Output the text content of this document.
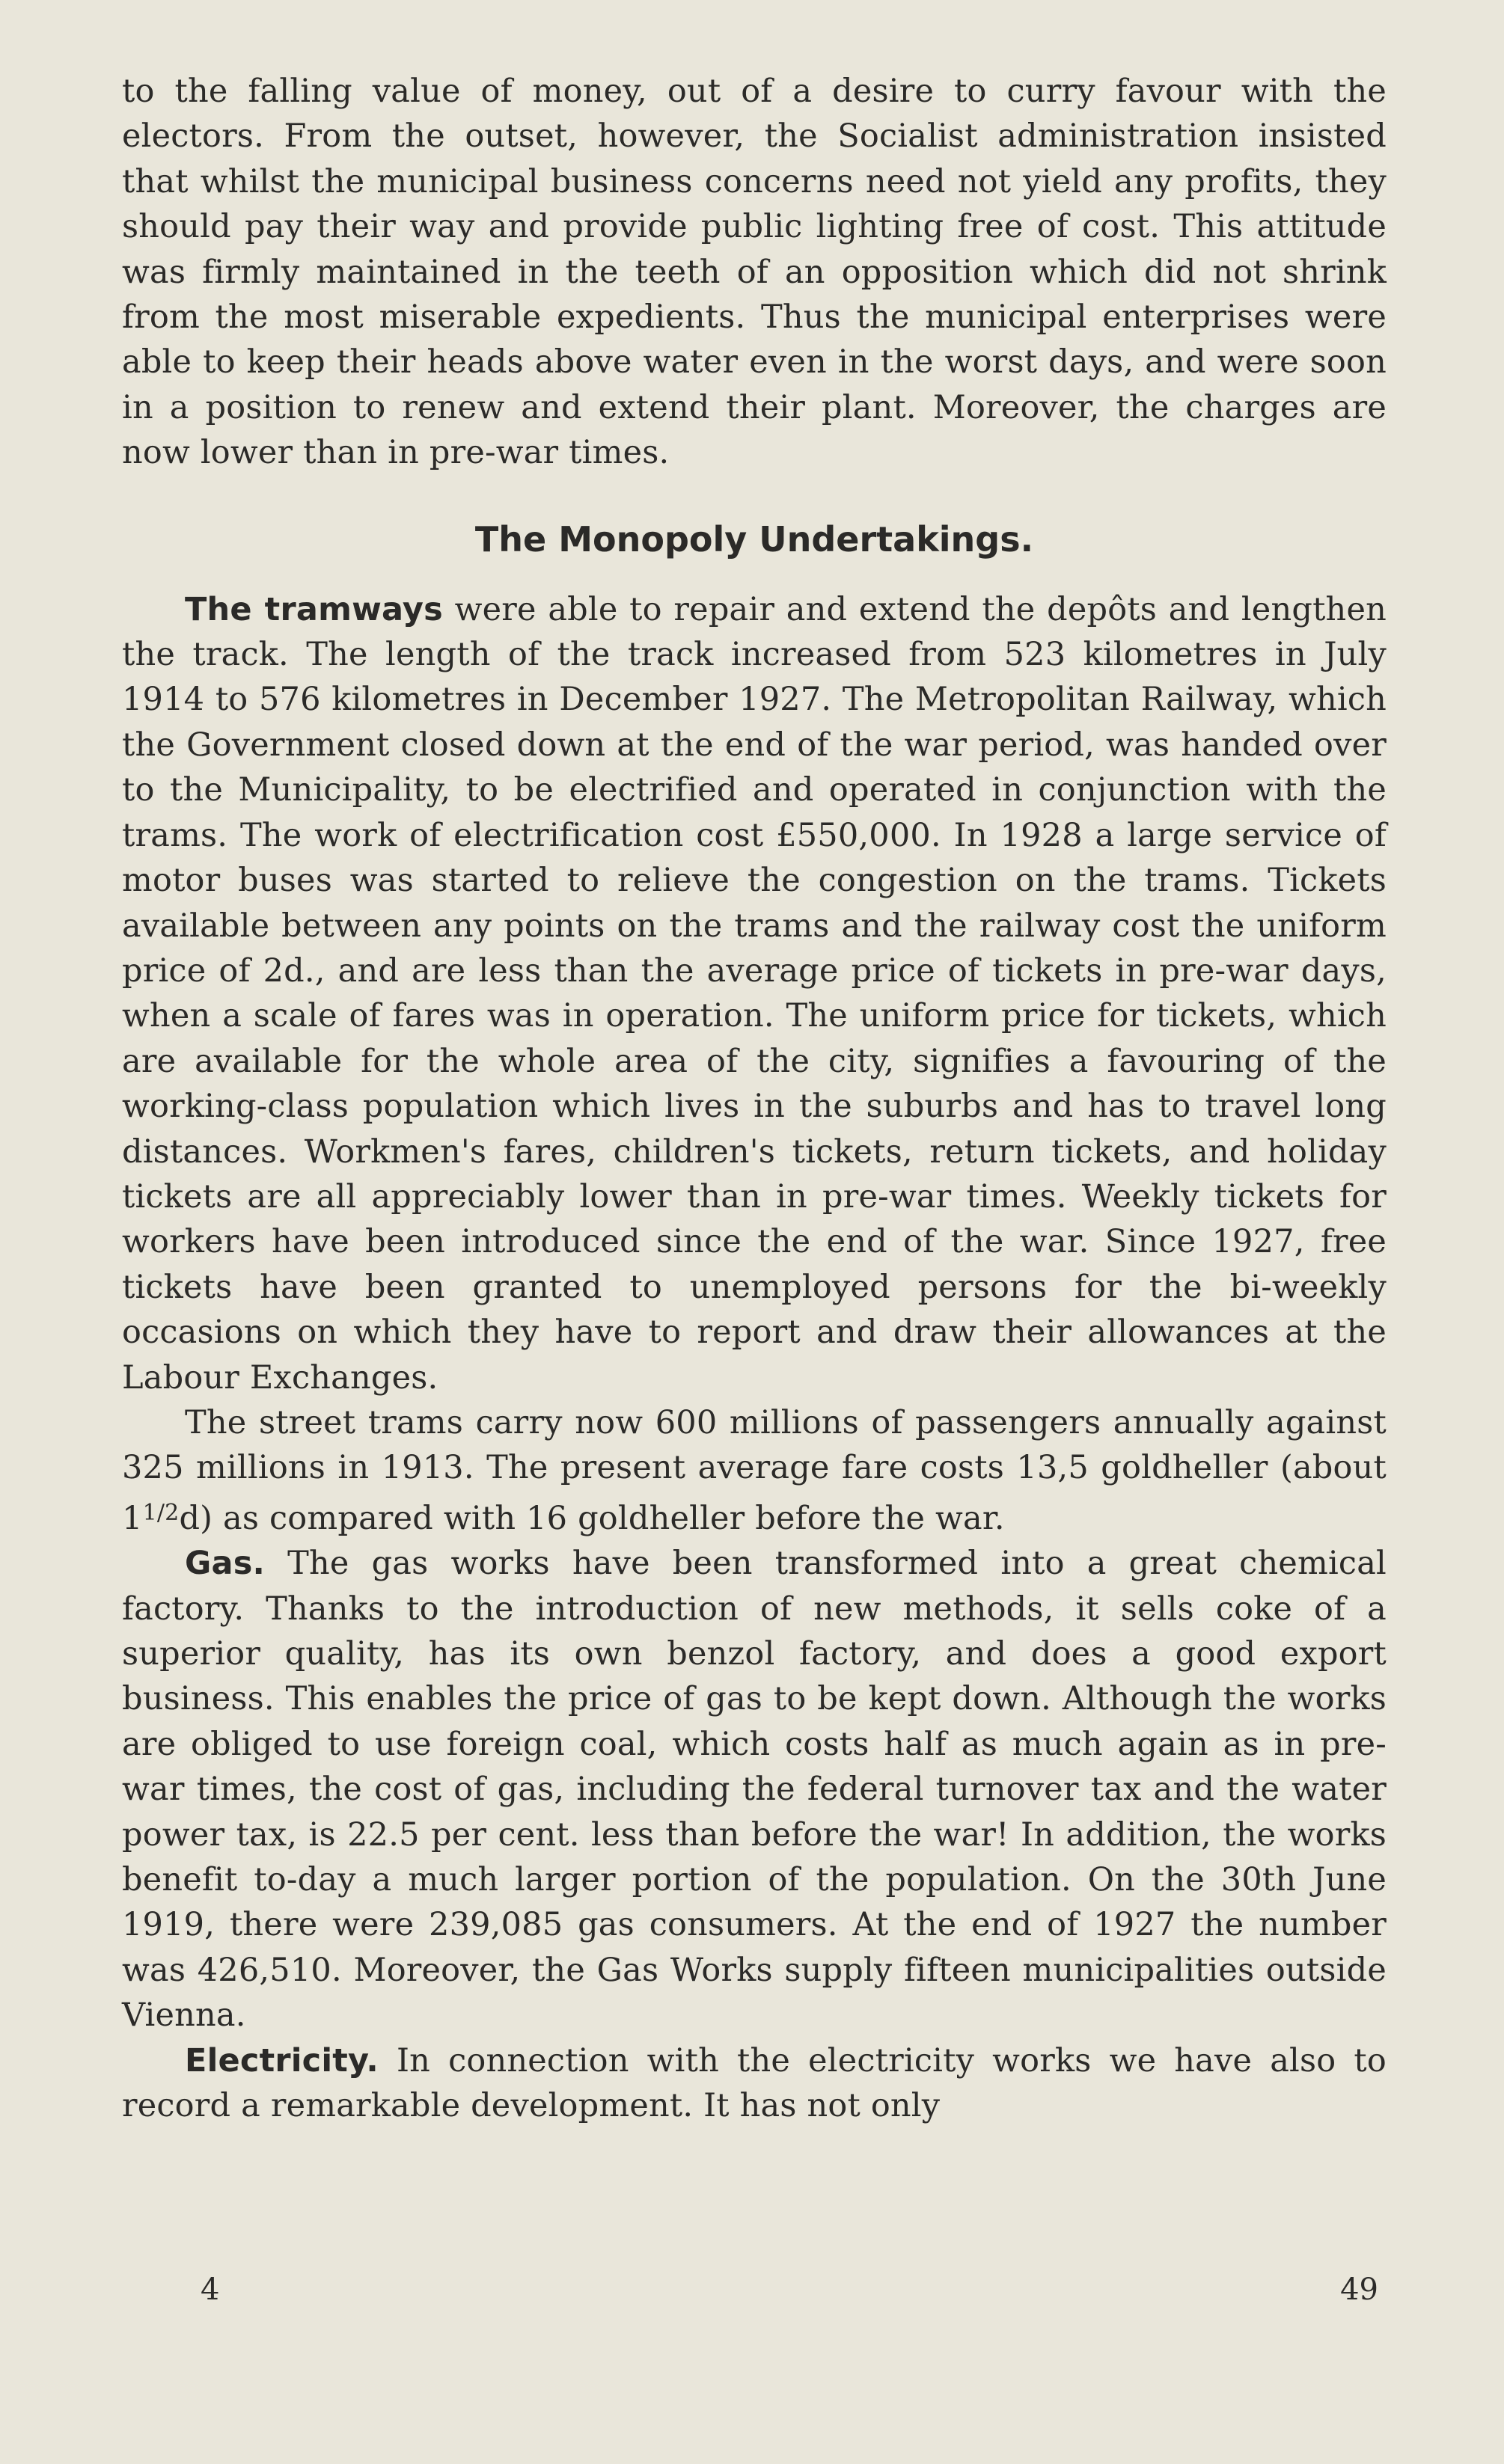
to the falling value of money, out of a desire to curry favour with the electors. From the outset, however, the Socialist administration insisted that whilst the municipal business concerns need not yield any profits, they should pay their way and provide public lighting free of cost. This attitude was firmly maintained in the teeth of an opposition which did not shrink from the most miserable expedients. Thus the municipal enterprises were able to keep their heads above water even in the worst days, and were soon in a position to renew and extend their plant. Moreover, the charges are now lower than in pre-war times.

The Monopoly Undertakings.

The tramways were able to repair and extend the depôts and lengthen the track. The length of the track increased from 523 kilometres in July 1914 to 576 kilometres in December 1927. The Metropolitan Railway, which the Government closed down at the end of the war period, was handed over to the Municipality, to be electrified and operated in conjunction with the trams. The work of electrification cost £550,000. In 1928 a large service of motor buses was started to relieve the congestion on the trams. Tickets available between any points on the trams and the railway cost the uniform price of 2d., and are less than the average price of tickets in pre-war days, when a scale of fares was in operation. The uniform price for tickets, which are available for the whole area of the city, signifies a favouring of the working-class population which lives in the suburbs and has to travel long distances. Workmen's fares, children's tickets, return tickets, and holiday tickets are all appreciably lower than in pre-war times. Weekly tickets for workers have been introduced since the end of the war. Since 1927, free tickets have been granted to unemployed persons for the bi-weekly occasions on which they have to report and draw their allowances at the Labour Exchanges.

The street trams carry now 600 millions of passengers annually against 325 millions in 1913. The present average fare costs 13,5 goldheller (about $1^{1/2}d$) as compared with 16 goldheller before the war.

Gas. The gas works have been transformed into a great chemical factory. Thanks to the introduction of new methods, it sells coke of a superior quality, has its own benzol factory, and does a good export business. This enables the price of gas to be kept down. Although the works are obliged to use foreign coal, which costs half as much again as in pre-war times, the cost of gas, including the federal turnover tax and the water power tax, is 22.5 per cent. less than before the war! In addition, the works benefit to-day a much larger portion of the population. On the 30th June 1919, there were 239,085 gas consumers. At the end of 1927 the number was 426,510. Moreover, the Gas Works supply fifteen municipalities outside Vienna.

Electricity. In connection with the electricity works we have also to record a remarkable development. It has not only

4	49
